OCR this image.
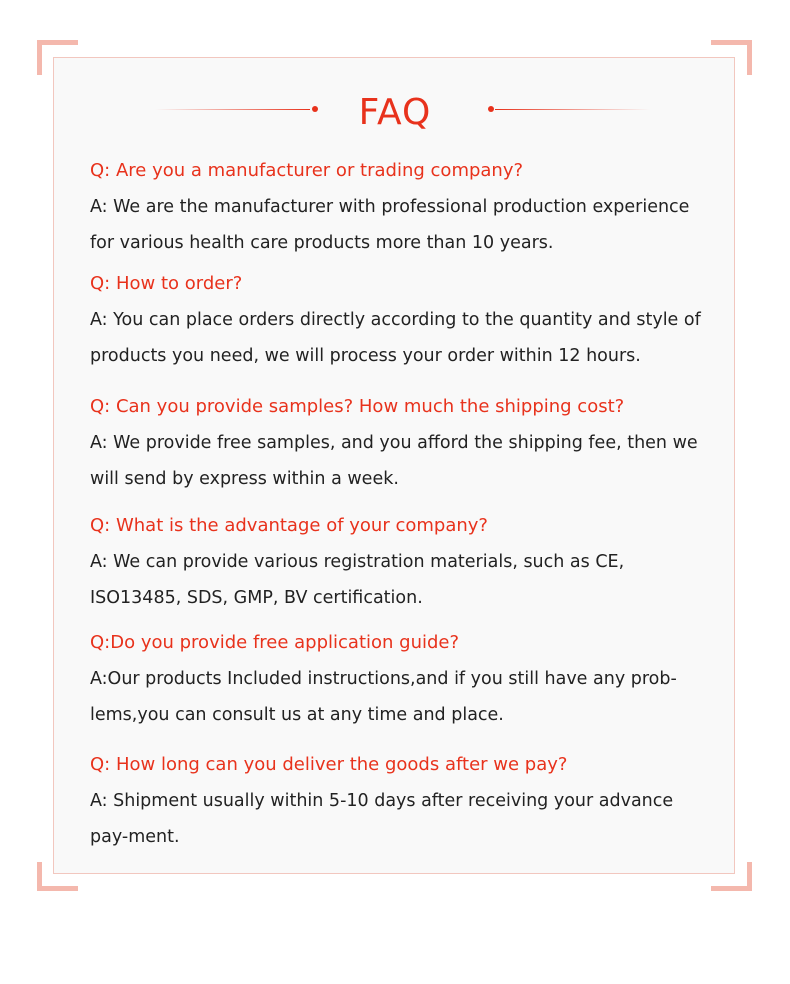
FAQ
Q: Are you a manufacturer or trading company?
A: We are the manufacturer with professional production experience for various health care products more than 10 years.
Q: How to order?
A: You can place orders directly according to the quantity and style of products you need, we will process your order within 12 hours.
Q: Can you provide samples? How much the shipping cost?
A: We provide free samples, and you afford the shipping fee, then we will send by express within a week.
Q: What is the advantage of your company?
A: We can provide various registration materials, such as CE, ISO13485, SDS, GMP, BV certification.
Q:Do you provide free application guide?
A:Our products Included instructions,and if you still have any prob-lems,you can consult us at any time and place.
Q: How long can you deliver the goods after we pay?
A: Shipment usually within 5-10 days after receiving your advance pay-ment.
